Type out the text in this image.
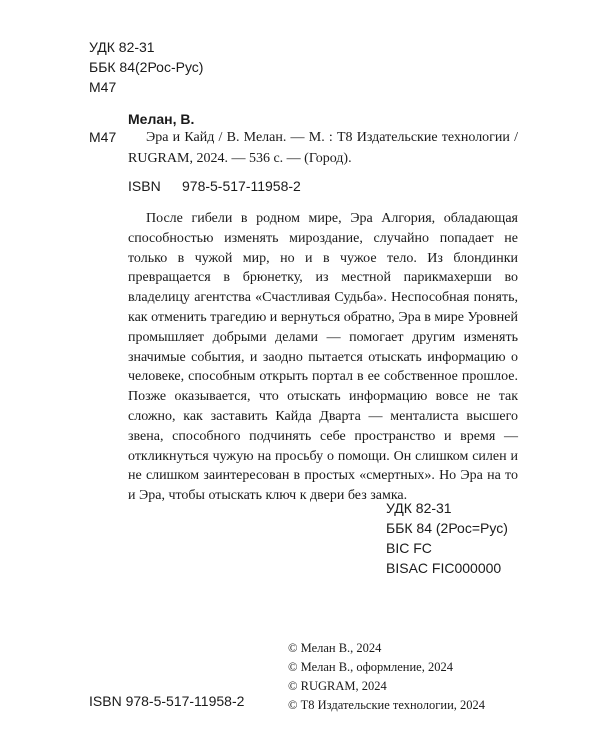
УДК 82-31
ББК 84(2Рос-Рус)
М47
Мелан, В.
М47	Эра и Кайд / В. Мелан. — М. : Т8 Издательские технологии /
RUGRAM, 2024. — 536 с. — (Город).
ISBN 978-5-517-11958-2
После гибели в родном мире, Эра Алгория, обладающая способностью изменять мироздание, случайно попадает не только в чужой мир, но и в чужое тело. Из блондинки превращается в брюнетку, из местной парикмахерши во владелицу агентства «Счастливая Судьба». Неспособная понять, как отменить трагедию и вернуться обратно, Эра в мире Уровней промышляет добрыми делами — помогает другим изменять значимые события, и заодно пытается отыскать информацию о человеке, способным открыть портал в ее собственное прошлое. Позже оказывается, что отыскать информацию вовсе не так сложно, как заставить Кайда Дварта — менталиста высшего звена, способного подчинять себе пространство и время — откликнуться чужую на просьбу о помощи. Он слишком силен и не слишком заинтересован в простых «смертных». Но Эра на то и Эра, чтобы отыскать ключ к двери без замка.
УДК 82-31
ББК 84 (2Рос=Рус)
BIC FC
BISAC FIC000000
© Мелан В., 2024
© Мелан В., оформление, 2024
© RUGRAM, 2024
© Т8 Издательские технологии, 2024
ISBN 978-5-517-11958-2
